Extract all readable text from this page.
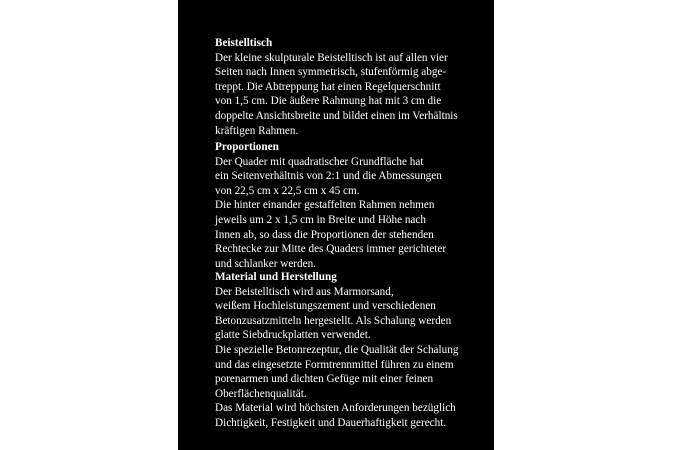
Beistelltisch
Der kleine skulpturale Beistelltisch ist auf allen vier
Seiten nach Innen symmetrisch, stufenförmig abge-
treppt. Die Abtreppung hat einen Regelquerschnitt
von 1,5 cm. Die äußere Rahmung hat mit 3 cm die
doppelte Ansichtsbreite und bildet einen im Verhältnis
kräftigen Rahmen.
Proportionen
Der Quader mit quadratischer Grundfläche hat
ein Seitenverhältnis von 2:1 und die Abmessungen
von 22,5 cm x 22,5 cm x 45 cm.
Die hinter einander gestaffelten Rahmen nehmen
jeweils um 2 x 1,5 cm in Breite und Höhe nach
Innen ab, so dass die Proportionen der stehenden
Rechtecke zur Mitte des Quaders immer gerichteter
und schlanker werden.
Material und Herstellung
Der Beistelltisch wird aus Marmorsand,
weißem Hochleistungszement und verschiedenen
Betonzusatzmitteln hergestellt. Als Schalung werden
glatte Siebdruckplatten verwendet.
Die spezielle Betonrezeptur, die Qualität der Schalung
und das eingesetzte Formtrennmittel führen zu einem
porenarmen und dichten Gefüge mit einer feinen
Oberflächenqualität.
Das Material wird höchsten Anforderungen bezüglich
Dichtigkeit, Festigkeit und Dauerhaftigkeit gerecht.
